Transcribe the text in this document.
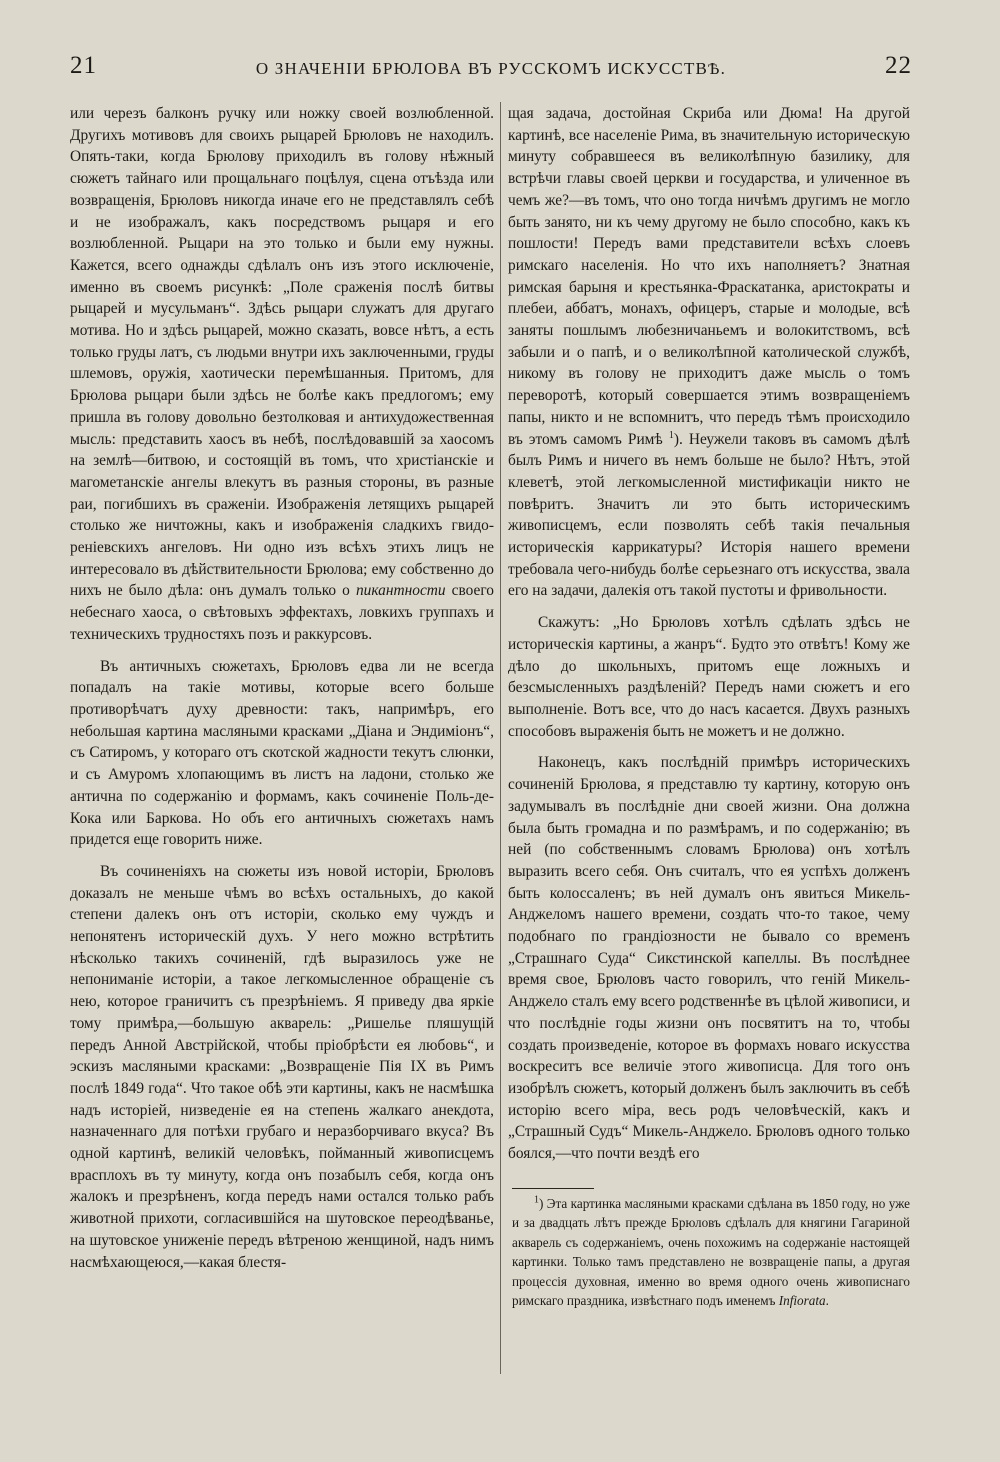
21	О ЗНАЧЕНІИ БРЮЛОВА ВЪ РУССКОМЪ ИСКУССТВѢ.	22

или черезъ балконъ ручку или ножку своей возлюбленной. Другихъ мотивовъ для своихъ рыцарей Брюловъ не находилъ. Опять-таки, когда Брюлову приходилъ въ голову нѣжный сюжетъ тайнаго или прощальнаго поцѣлуя, сцена отъѣзда или возвращенія, Брюловъ никогда иначе его не представлялъ себѣ и не изображалъ, какъ посредствомъ рыцаря и его возлюбленной. Рыцари на это только и были ему нужны. Кажется, всего однажды сдѣлалъ онъ изъ этого исключеніе, именно въ своемъ рисункѣ: „Поле сраженія послѣ битвы рыцарей и мусульманъ“. Здѣсь рыцари служатъ для другаго мотива. Но и здѣсь рыцарей, можно сказать, вовсе нѣтъ, а есть только груды латъ, съ людьми внутри ихъ заключенными, груды шлемовъ, оружія, хаотически перемѣшанныя. Притомъ, для Брюлова рыцари были здѣсь не болѣе какъ предлогомъ; ему пришла въ голову довольно безтолковая и антихудожественная мысль: представить хаосъ въ небѣ, послѣдовавшій за хаосомъ на землѣ—битвою, и состоящій въ томъ, что христіанскіе и магометанскіе ангелы влекутъ въ разныя стороны, въ разные раи, погибшихъ въ сраженіи. Изображенія летящихъ рыцарей столько же ничтожны, какъ и изображенія сладкихъ гвидо-реніевскихъ ангеловъ. Ни одно изъ всѣхъ этихъ лицъ не интересовало въ дѣйствительности Брюлова; ему собственно до нихъ не было дѣла: онъ думалъ только о пикантности своего небеснаго хаоса, о свѣтовыхъ эффектахъ, ловкихъ группахъ и техническихъ трудностяхъ позъ и раккурсовъ.

Въ античныхъ сюжетахъ, Брюловъ едва ли не всегда попадалъ на такіе мотивы, которые всего больше противорѣчатъ духу древности: такъ, напримѣръ, его небольшая картина масляными красками „Діана и Эндиміонъ“, съ Сатиромъ, у котораго отъ скотской жадности текутъ слюнки, и съ Амуромъ хлопающимъ въ листъ на ладони, столько же антична по содержанію и формамъ, какъ сочиненіе Поль-де-Кока или Баркова. Но объ его античныхъ сюжетахъ намъ придется еще говорить ниже.

Въ сочиненіяхъ на сюжеты изъ новой исторіи, Брюловъ доказалъ не меньше чѣмъ во всѣхъ остальныхъ, до какой степени далекъ онъ отъ исторіи, сколько ему чуждъ и непонятенъ историческій духъ. У него можно встрѣтить нѣсколько такихъ сочиненій, гдѣ выразилось уже не непониманіе исторіи, а такое легкомысленное обращеніе съ нею, которое граничитъ съ презрѣніемъ. Я приведу два яркіе тому примѣра,—большую акварель: „Ришелье пляшущій передъ Анной Австрійской, чтобы пріобрѣсти ея любовь“, и эскизъ масляными красками: „Возвращеніе Пія IX въ Римъ послѣ 1849 года“. Что такое обѣ эти картины, какъ не насмѣшка надъ исторіей, низведеніе ея на степень жалкаго анекдота, назначеннаго для потѣхи грубаго и неразборчиваго вкуса? Въ одной картинѣ, великій человѣкъ, пойманный живописцемъ врасплохъ въ ту минуту, когда онъ позабылъ себя, когда онъ жалокъ и презрѣненъ, когда передъ нами остался только рабъ животной прихоти, согласившійся на шутовское переодѣванье, на шутовское униженіе передъ вѣтреною женщиной, надъ нимъ насмѣхающеюся,—какая блестя-

щая задача, достойная Скриба или Дюма! На другой картинѣ, все населеніе Рима, въ значительную историческую минуту собравшееся въ великолѣпную базилику, для встрѣчи главы своей церкви и государства, и уличенное въ чемъ же?—въ томъ, что оно тогда ничѣмъ другимъ не могло быть занято, ни къ чему другому не было способно, какъ къ пошлости! Передъ вами представители всѣхъ слоевъ римскаго населенія. Но что ихъ наполняетъ? Знатная римская барыня и крестьянка-Фраскатанка, аристократы и плебеи, аббатъ, монахъ, офицеръ, старые и молодые, всѣ заняты пошлымъ любезничаньемъ и волокитствомъ, всѣ забыли и о папѣ, и о великолѣпной католической службѣ, никому въ голову не приходитъ даже мысль о томъ переворотѣ, который совершается этимъ возвращеніемъ папы, никто и не вспомнитъ, что передъ тѣмъ происходило въ этомъ самомъ Римѣ $^1$). Неужели таковъ въ самомъ дѣлѣ былъ Римъ и ничего въ немъ больше не было? Нѣтъ, этой клеветѣ, этой легкомысленной мистификаціи никто не повѣритъ. Значитъ ли это быть историческимъ живописцемъ, если позволять себѣ такія печальныя историческія каррикатуры? Исторія нашего времени требовала чего-нибудь болѣе серьезнаго отъ искусства, звала его на задачи, далекія отъ такой пустоты и фривольности.

Скажутъ: „Но Брюловъ хотѣлъ сдѣлать здѣсь не историческія картины, а жанръ“. Будто это отвѣтъ! Кому же дѣло до школьныхъ, притомъ еще ложныхъ и безсмысленныхъ раздѣленій? Передъ нами сюжетъ и его выполненіе. Вотъ все, что до насъ касается. Двухъ разныхъ способовъ выраженія быть не можетъ и не должно.

Наконецъ, какъ послѣдній примѣръ историческихъ сочиненій Брюлова, я представлю ту картину, которую онъ задумывалъ въ послѣдніе дни своей жизни. Она должна была быть громадна и по размѣрамъ, и по содержанію; въ ней (по собственнымъ словамъ Брюлова) онъ хотѣлъ выразить всего себя. Онъ считалъ, что ея успѣхъ долженъ быть колоссаленъ; въ ней думалъ онъ явиться Микель-Анджеломъ нашего времени, создать что-то такое, чему подобнаго по грандіозности не бывало со временъ „Страшнаго Суда“ Сикстинской капеллы. Въ послѣднее время свое, Брюловъ часто говорилъ, что геній Микель-Анджело сталъ ему всего родственнѣе въ цѣлой живописи, и что послѣдніе годы жизни онъ посвятитъ на то, чтобы создать произведеніе, которое въ формахъ новаго искусства воскреситъ все величіе этого живописца. Для того онъ изобрѣлъ сюжетъ, который долженъ былъ заключить въ себѣ исторію всего міра, весь родъ человѣческій, какъ и „Страшный Судъ“ Микель-Анджело. Брюловъ одного только боялся,—что почти вездѣ его

$^1$) Эта картинка масляными красками сдѣлана въ 1850 году, но уже и за двадцать лѣтъ прежде Брюловъ сдѣлалъ для княгини Гагариной акварель съ содержаніемъ, очень похожимъ на содержаніе настоящей картинки. Только тамъ представлено не возвращеніе папы, а другая процессія духовная, именно во время одного очень живописнаго римскаго праздника, извѣстнаго подъ именемъ Infiorata.
